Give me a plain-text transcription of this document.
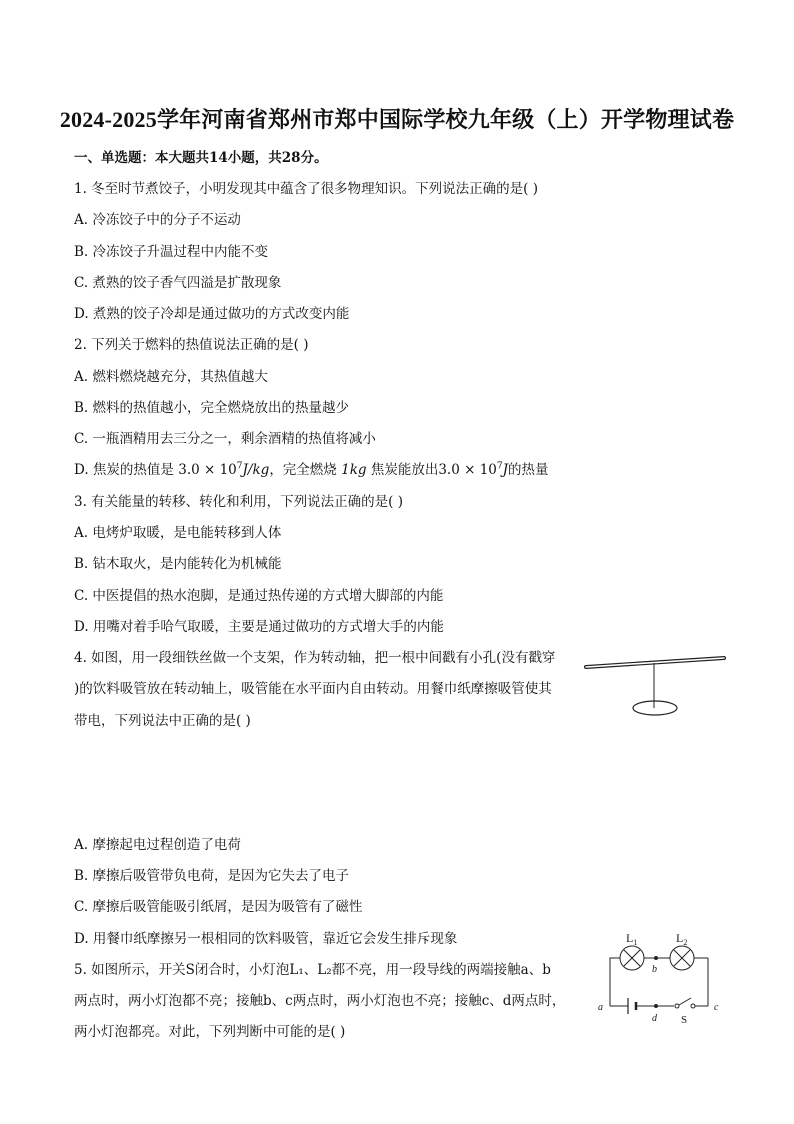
2024-2025学年河南省郑州市郑中国际学校九年级（上）开学物理试卷
一、单选题：本大题共14小题，共28分。
1. 冬至时节煮饺子，小明发现其中蕴含了很多物理知识。下列说法正确的是( )
A. 冷冻饺子中的分子不运动
B. 冷冻饺子升温过程中内能不变
C. 煮熟的饺子香气四溢是扩散现象
D. 煮熟的饺子冷却是通过做功的方式改变内能
2. 下列关于燃料的热值说法正确的是( )
A. 燃料燃烧越充分，其热值越大
B. 燃料的热值越小，完全燃烧放出的热量越少
C. 一瓶酒精用去三分之一，剩余酒精的热值将减小
D. 焦炭的热值是 $3.0 \times 10^7J/kg$，完全燃烧 1kg 焦炭能放出$3.0 \times 10^7J$的热量
3. 有关能量的转移、转化和利用，下列说法正确的是( )
A. 电烤炉取暖，是电能转移到人体
B. 钻木取火，是内能转化为机械能
C. 中医提倡的热水泡脚，是通过热传递的方式增大脚部的内能
D. 用嘴对着手哈气取暖，主要是通过做功的方式增大手的内能
4. 如图，用一段细铁丝做一个支架，作为转动轴，把一根中间戳有小孔(没有戳穿
)的饮料吸管放在转动轴上，吸管能在水平面内自由转动。用餐巾纸摩擦吸管使其
带电，下列说法中正确的是( )
A. 摩擦起电过程创造了电荷
B. 摩擦后吸管带负电荷，是因为它失去了电子
C. 摩擦后吸管能吸引纸屑，是因为吸管有了磁性
D. 用餐巾纸摩擦另一根相同的饮料吸管，靠近它会发生排斥现象
5. 如图所示，开关S闭合时，小灯泡L₁、L₂都不亮，用一段导线的两端接触a、b
两点时，两小灯泡都不亮；接触b、c两点时，两小灯泡也不亮；接触c、d两点时，
两小灯泡都亮。对此，下列判断中可能的是( )
$L_1$	$L_2$
b
d
a	c
S
